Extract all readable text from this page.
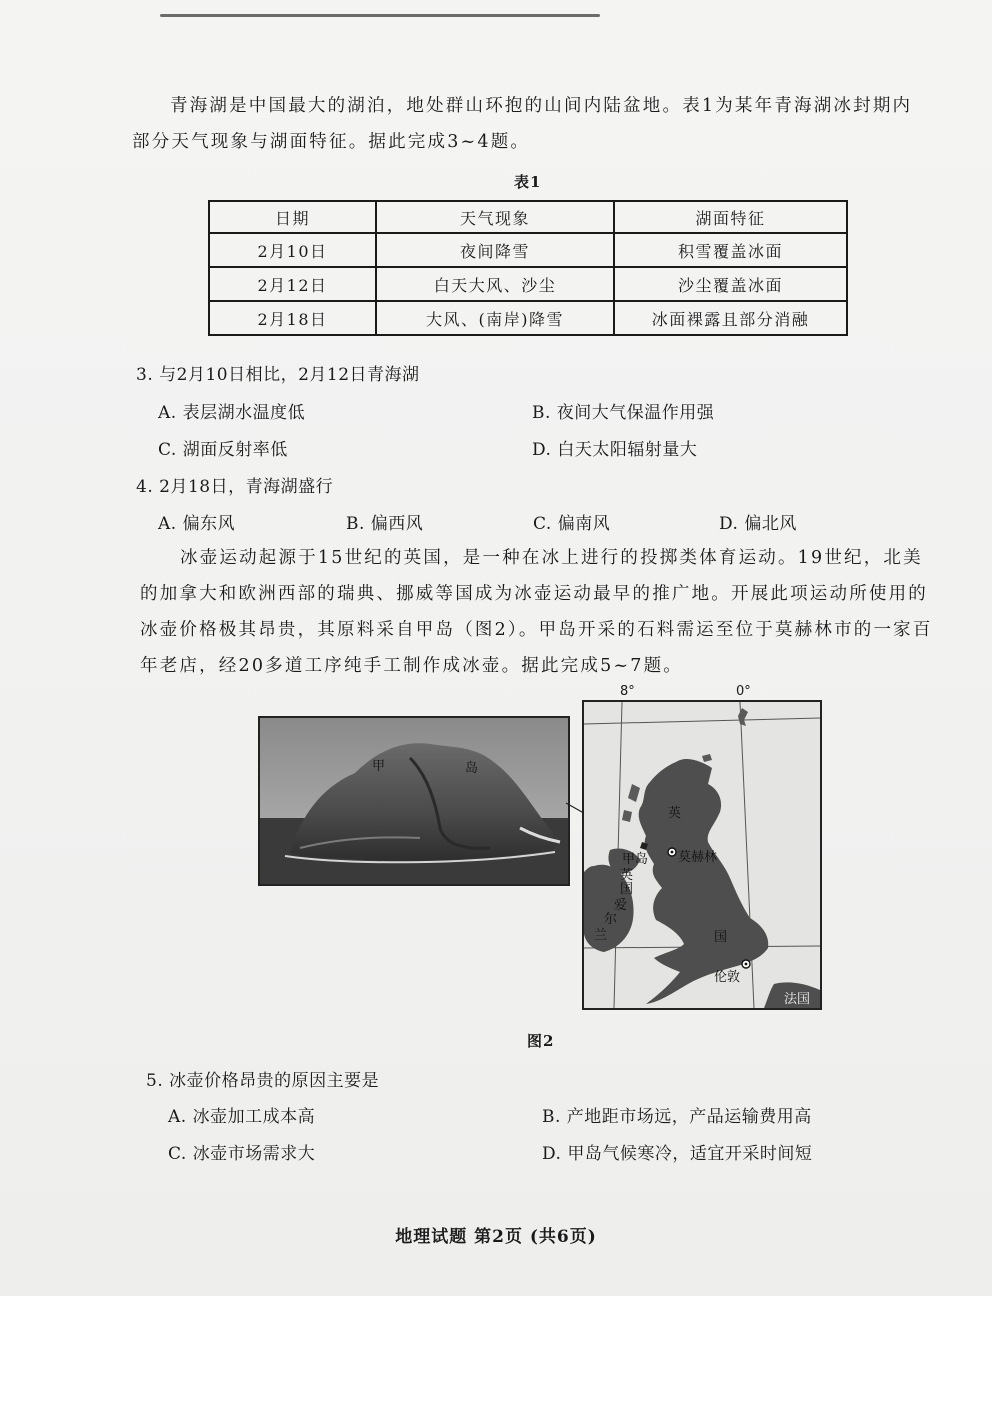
青海湖是中国最大的湖泊，地处群山环抱的山间内陆盆地。表1为某年青海湖冰封期内
部分天气现象与湖面特征。据此完成3~4题。
表1
日期	天气现象	湖面特征
2月10日	夜间降雪	积雪覆盖冰面
2月12日	白天大风、沙尘	沙尘覆盖冰面
2月18日	大风、(南岸)降雪	冰面裸露且部分消融
3. 与2月10日相比，2月12日青海湖
A. 表层湖水温度低	B. 夜间大气保温作用强
C. 湖面反射率低	D. 白天太阳辐射量大
4. 2月18日，青海湖盛行
A. 偏东风	B. 偏西风	C. 偏南风	D. 偏北风
冰壶运动起源于15世纪的英国，是一种在冰上进行的投掷类体育运动。19世纪，北美
的加拿大和欧洲西部的瑞典、挪威等国成为冰壶运动最早的推广地。开展此项运动所使用的
冰壶价格极其昂贵，其原料采自甲岛（图2）。甲岛开采的石料需运至位于莫赫林市的一家百
年老店，经20多道工序纯手工制作成冰壶。据此完成5~7题。
甲	岛
8°	0°
英
甲岛 莫赫林
英
国
爱
尔
兰	国
伦敦
法国
图2
5. 冰壶价格昂贵的原因主要是
A. 冰壶加工成本高	B. 产地距市场远，产品运输费用高
C. 冰壶市场需求大	D. 甲岛气候寒冷，适宜开采时间短
地理试题 第2页 (共6页)
